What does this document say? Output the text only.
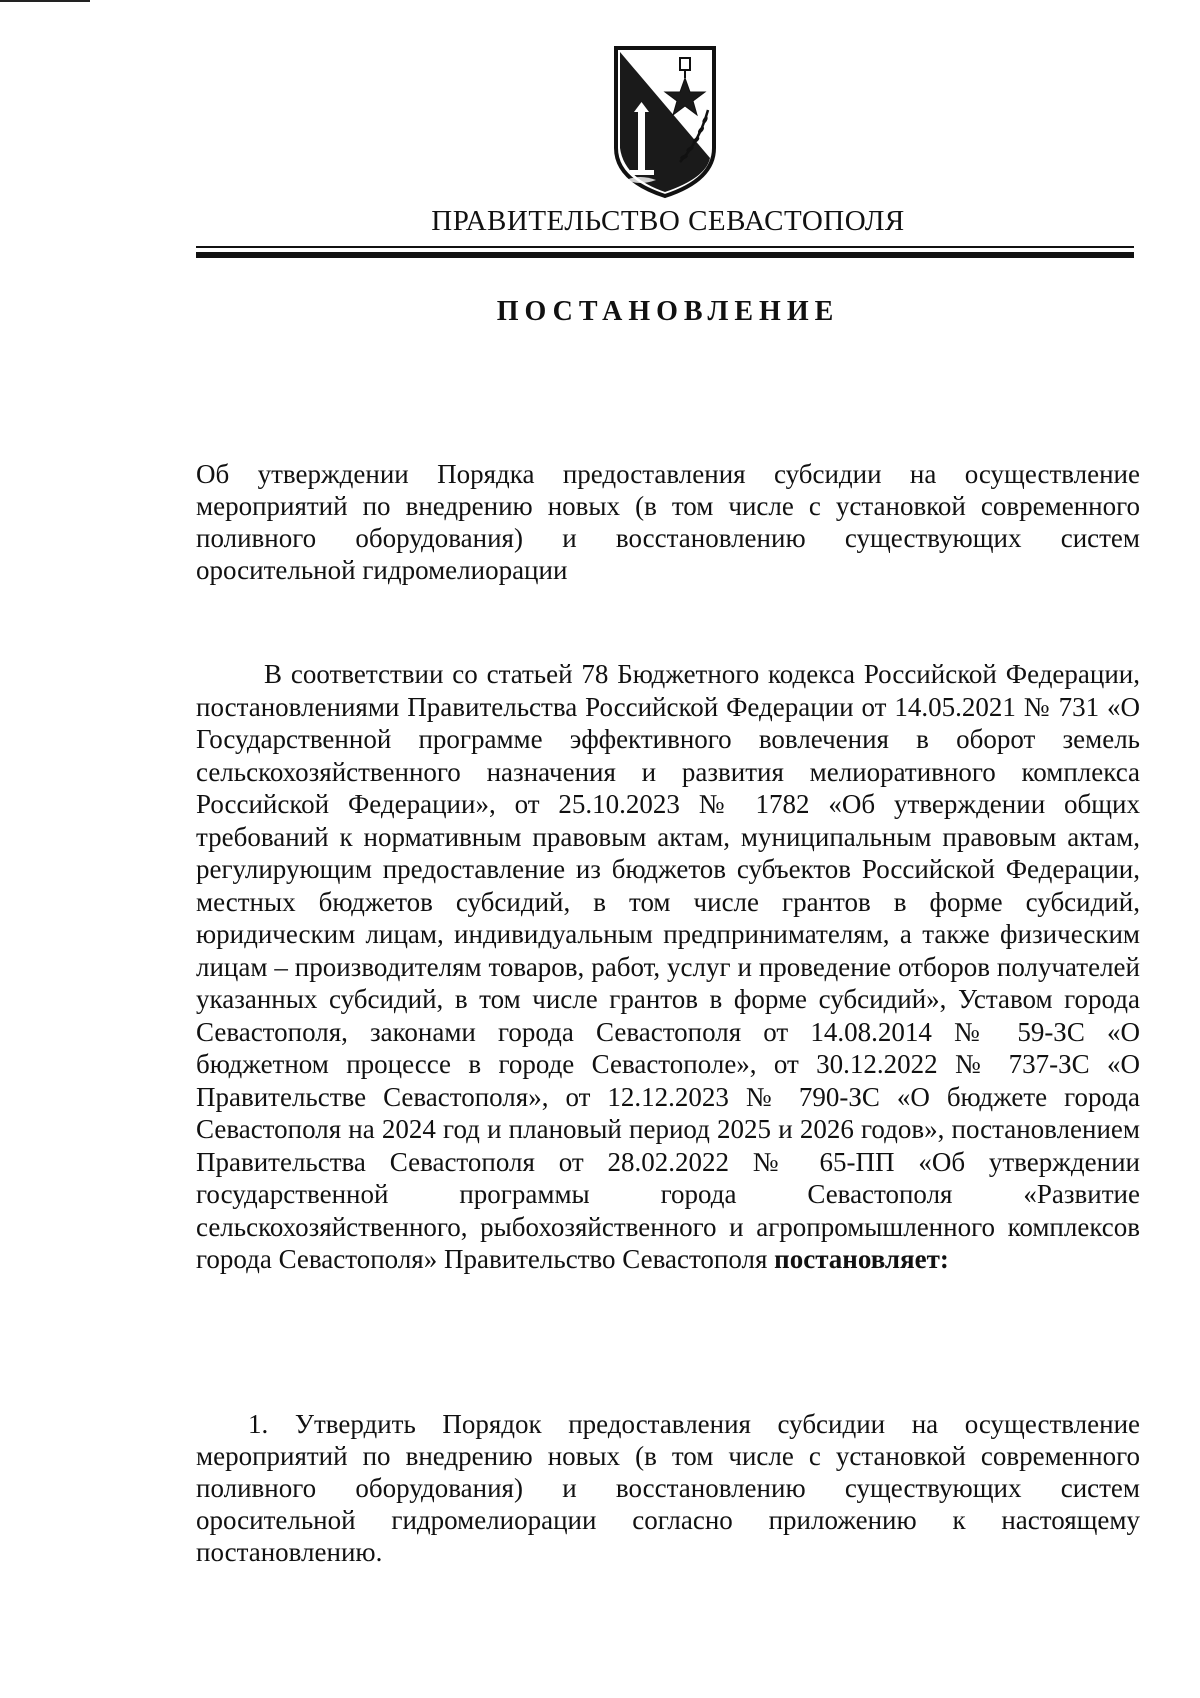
ПРАВИТЕЛЬСТВО СЕВАСТОПОЛЯ
ПОСТАНОВЛЕНИЕ
Об утверждении Порядка предоставления субсидии на осуществление мероприятий по внедрению новых (в том числе с установкой современного поливного оборудования) и восстановлению существующих систем оросительной гидромелиорации
В соответствии со статьей 78 Бюджетного кодекса Российской Федерации, постановлениями Правительства Российской Федерации от 14.05.2021 № 731 «О Государственной программе эффективного вовлечения в оборот земель сельскохозяйственного назначения и развития мелиоративного комплекса Российской Федерации», от 25.10.2023 № 1782 «Об утверждении общих требований к нормативным правовым актам, муниципальным правовым актам, регулирующим предоставление из бюджетов субъектов Российской Федерации, местных бюджетов субсидий, в том числе грантов в форме субсидий, юридическим лицам, индивидуальным предпринимателям, а также физическим лицам – производителям товаров, работ, услуг и проведение отборов получателей указанных субсидий, в том числе грантов в форме субсидий», Уставом города Севастополя, законами города Севастополя от 14.08.2014 № 59-ЗС «О бюджетном процессе в городе Севастополе», от 30.12.2022 № 737-ЗС «О Правительстве Севастополя», от 12.12.2023 № 790-ЗС «О бюджете города Севастополя на 2024 год и плановый период 2025 и 2026 годов», постановлением Правительства Севастополя от 28.02.2022 № 65-ПП «Об утверждении государственной программы города Севастополя «Развитие сельскохозяйственного, рыбохозяйственного и агропромышленного комплексов города Севастополя» Правительство Севастополя постановляет:
1. Утвердить Порядок предоставления субсидии на осуществление мероприятий по внедрению новых (в том числе с установкой современного поливного оборудования) и восстановлению существующих систем оросительной гидромелиорации согласно приложению к настоящему постановлению.
